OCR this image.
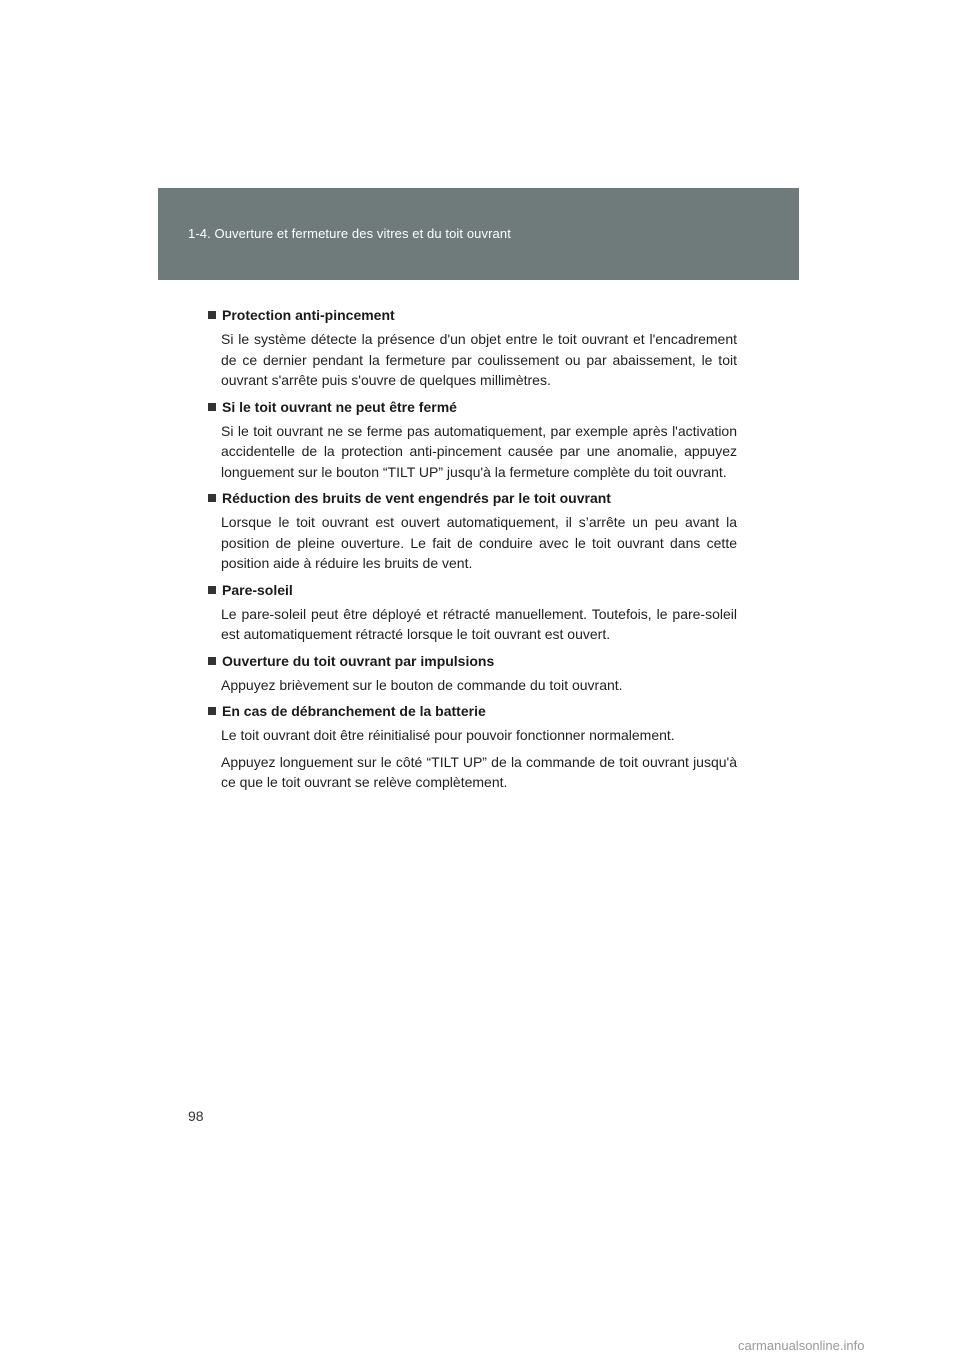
1-4. Ouverture et fermeture des vitres et du toit ouvrant
Protection anti-pincement

Si le système détecte la présence d'un objet entre le toit ouvrant et l'encadrement de ce dernier pendant la fermeture par coulissement ou par abaissement, le toit ouvrant s'arrête puis s'ouvre de quelques millimètres.

Si le toit ouvrant ne peut être fermé

Si le toit ouvrant ne se ferme pas automatiquement, par exemple après l'activation accidentelle de la protection anti-pincement causée par une anomalie, appuyez longuement sur le bouton “TILT UP” jusqu'à la fermeture complète du toit ouvrant.

Réduction des bruits de vent engendrés par le toit ouvrant

Lorsque le toit ouvrant est ouvert automatiquement, il s’arrête un peu avant la position de pleine ouverture. Le fait de conduire avec le toit ouvrant dans cette position aide à réduire les bruits de vent.

Pare-soleil

Le pare-soleil peut être déployé et rétracté manuellement. Toutefois, le pare-soleil est automatiquement rétracté lorsque le toit ouvrant est ouvert.

Ouverture du toit ouvrant par impulsions

Appuyez brièvement sur le bouton de commande du toit ouvrant.

En cas de débranchement de la batterie

Le toit ouvrant doit être réinitialisé pour pouvoir fonctionner normalement.

Appuyez longuement sur le côté “TILT UP” de la commande de toit ouvrant jusqu'à ce que le toit ouvrant se relève complètement.

98
carmanualsonline.info
